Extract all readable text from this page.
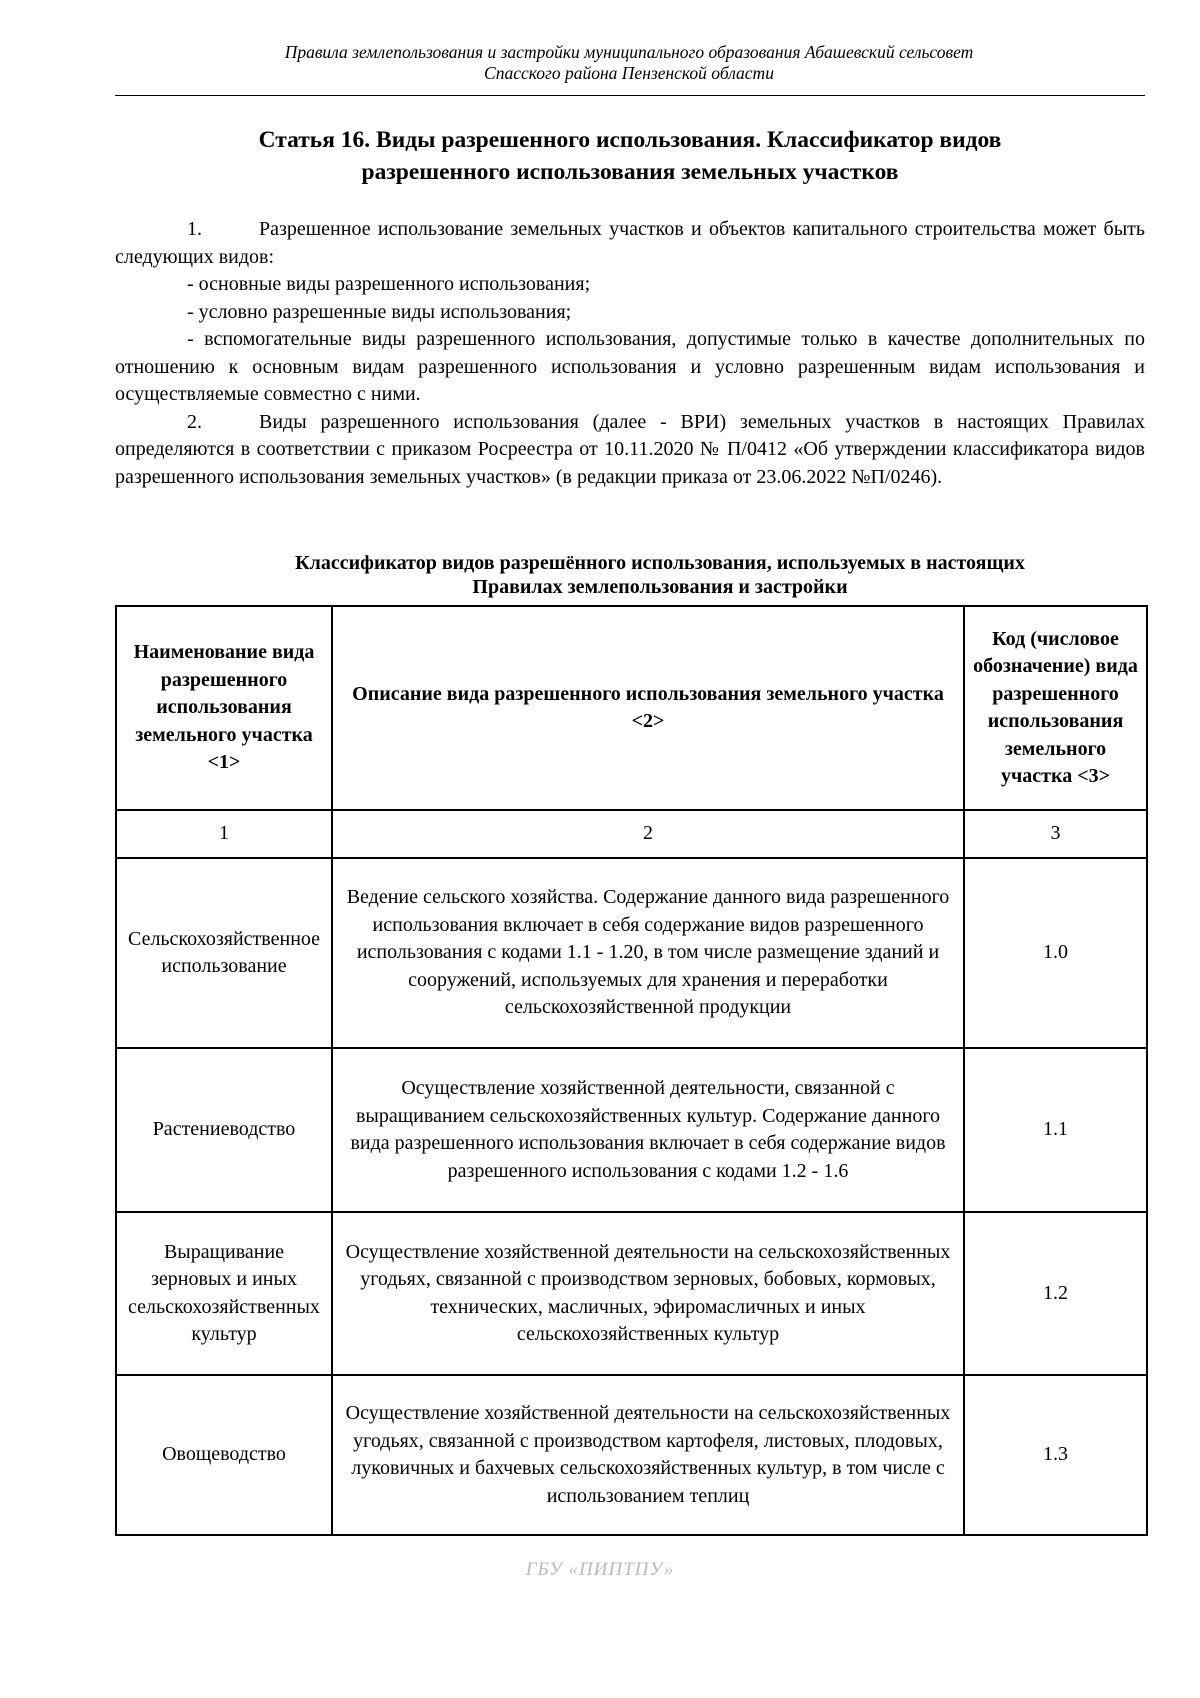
Правила землепользования и застройки муниципального образования Абашевский сельсовет
Спасского района Пензенской области
Статья 16. Виды разрешенного использования. Классификатор видов
разрешенного использования земельных участков

1.	Разрешенное использование земельных участков и объектов капитального строительства может быть следующих видов:

- основные виды разрешенного использования;

- условно разрешенные виды использования;

- вспомогательные виды разрешенного использования, допустимые только в качестве дополнительных по отношению к основным видам разрешенного использования и условно разрешенным видам использования и осуществляемые совместно с ними.

2.	Виды разрешенного использования (далее - ВРИ) земельных участков в настоящих Правилах определяются в соответствии с приказом Росреестра от 10.11.2020 № П/0412 «Об утверждении классификатора видов разрешенного использования земельных участков» (в редакции приказа от 23.06.2022 №П/0246).

Классификатор видов разрешённого использования, используемых в настоящих
Правилах землепользования и застройки
Наименование вида разрешенного использования земельного участка <1>	Описание вида разрешенного использования земельного участка <2>	Код (числовое обозначение) вида разрешенного использования земельного участка <3>
1	2	3
Сельскохозяйственное использование	Ведение сельского хозяйства. Содержание данного вида разрешенного использования включает в себя содержание видов разрешенного использования с кодами 1.1 - 1.20, в том числе размещение зданий и сооружений, используемых для хранения и переработки сельскохозяйственной продукции	1.0
Растениеводство	Осуществление хозяйственной деятельности, связанной с выращиванием сельскохозяйственных культур. Содержание данного вида разрешенного использования включает в себя содержание видов разрешенного использования с кодами 1.2 - 1.6	1.1
Выращивание зерновых и иных сельскохозяйственных культур	Осуществление хозяйственной деятельности на сельскохозяйственных угодьях, связанной с производством зерновых, бобовых, кормовых, технических, масличных, эфиромасличных и иных сельскохозяйственных культур	1.2
Овощеводство	Осуществление хозяйственной деятельности на сельскохозяйственных угодьях, связанной с производством картофеля, листовых, плодовых, луковичных и бахчевых сельскохозяйственных культур, в том числе с использованием теплиц	1.3
ГБУ «ПИПТПУ»
